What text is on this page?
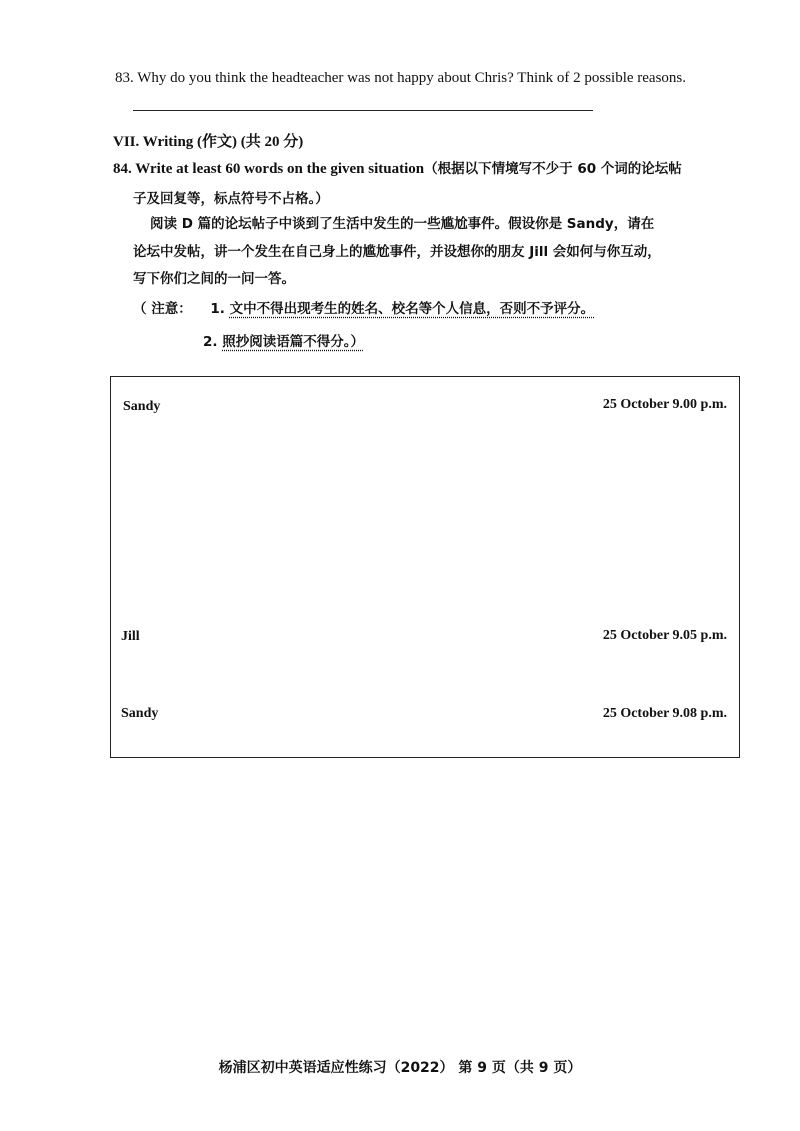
83. Why do you think the headteacher was not happy about Chris? Think of 2 possible reasons.
VII. Writing (作文) (共 20 分)
84. Write at least 60 words on the given situation（根据以下情境写不少于 60 个词的论坛帖
子及回复等，标点符号不占格。）
阅读 D 篇的论坛帖子中谈到了生活中发生的一些尴尬事件。假设你是 Sandy，请在
论坛中发帖，讲一个发生在自己身上的尴尬事件，并设想你的朋友 Jill 会如何与你互动，
写下你们之间的一问一答。
（ 注意： 1. 文中不得出现考生的姓名、校名等个人信息，否则不予评分。
2. 照抄阅读语篇不得分。）
Sandy	25 October 9.00 p.m.
Jill	25 October 9.05 p.m.
Sandy	25 October 9.08 p.m.
杨浦区初中英语适应性练习（2022） 第 9 页（共 9 页）
